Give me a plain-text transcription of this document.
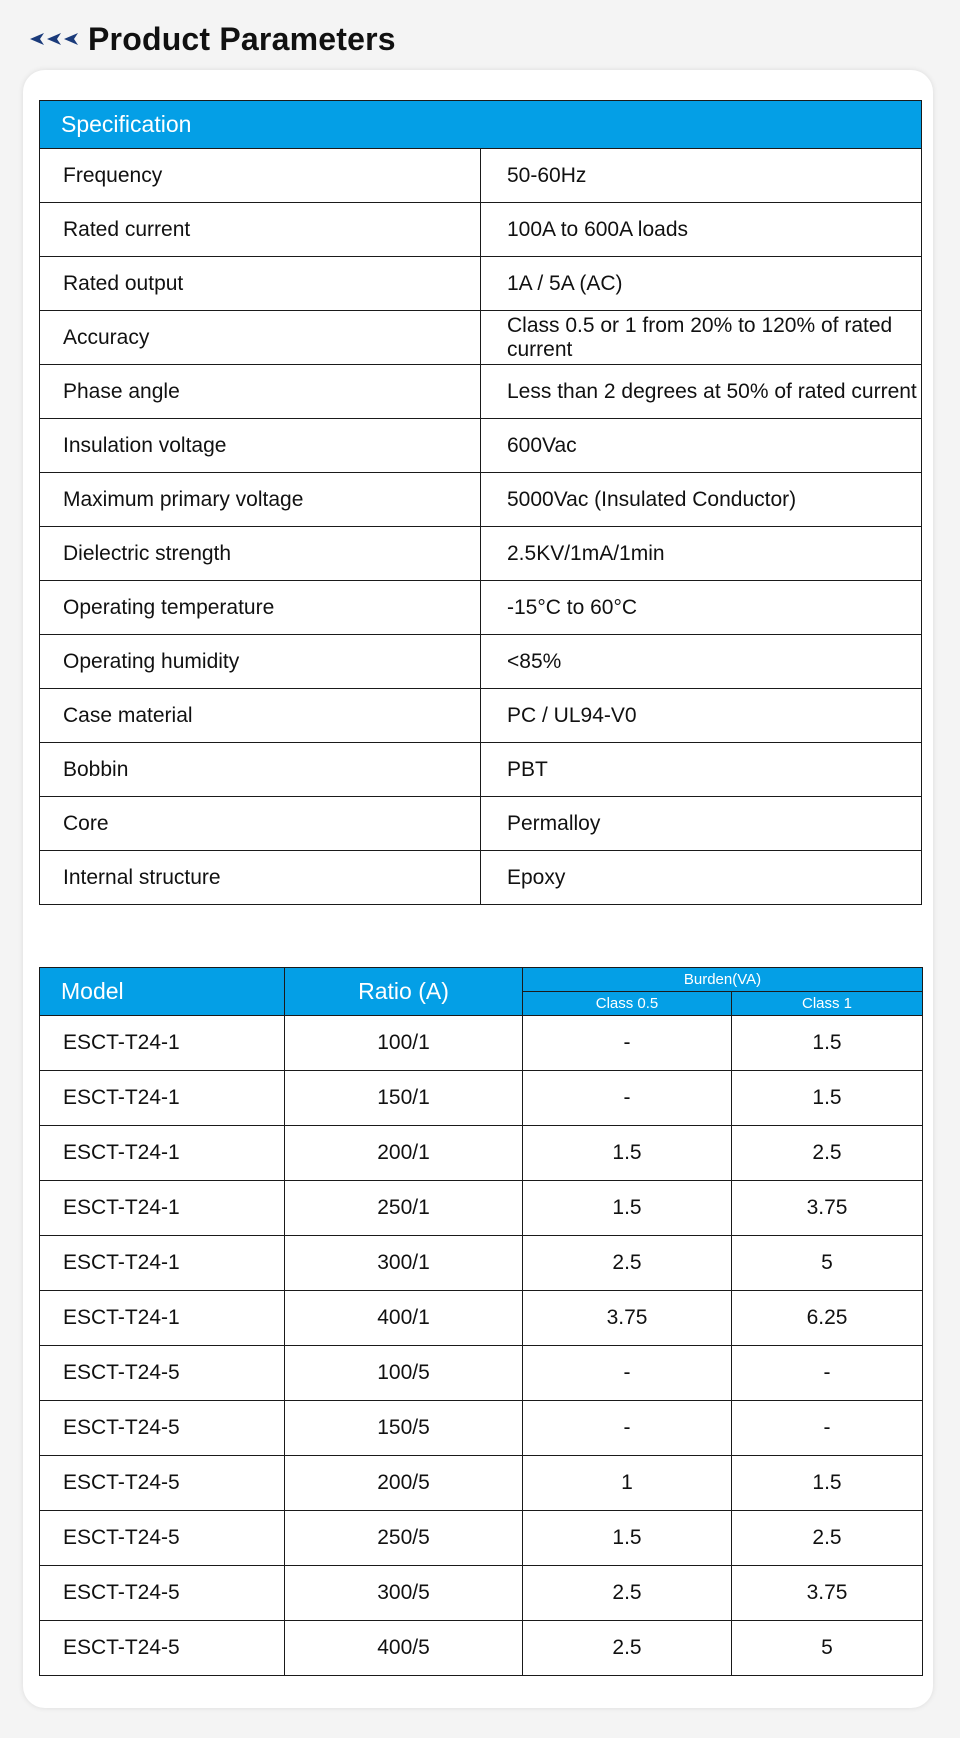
Product Parameters
Specification	
Frequency	50-60Hz
Rated current	100A to 600A loads
Rated output	1A / 5A (AC)
Accuracy	Class 0.5 or 1 from 20% to 120% of rated current
Phase angle	Less than 2 degrees at 50% of rated current
Insulation voltage	600Vac
Maximum primary voltage	5000Vac (Insulated Conductor)
Dielectric strength	2.5KV/1mA/1min
Operating temperature	-15°C to 60°C
Operating humidity	<85%
Case material	PC / UL94-V0
Bobbin	PBT
Core	Permalloy
Internal structure	Epoxy
Model	Ratio (A)	Burden(VA)	
		Class 0.5	Class 1
ESCT-T24-1	100/1	-	1.5
ESCT-T24-1	150/1	-	1.5
ESCT-T24-1	200/1	1.5	2.5
ESCT-T24-1	250/1	1.5	3.75
ESCT-T24-1	300/1	2.5	5
ESCT-T24-1	400/1	3.75	6.25
ESCT-T24-5	100/5	-	-
ESCT-T24-5	150/5	-	-
ESCT-T24-5	200/5	1	1.5
ESCT-T24-5	250/5	1.5	2.5
ESCT-T24-5	300/5	2.5	3.75
ESCT-T24-5	400/5	2.5	5
